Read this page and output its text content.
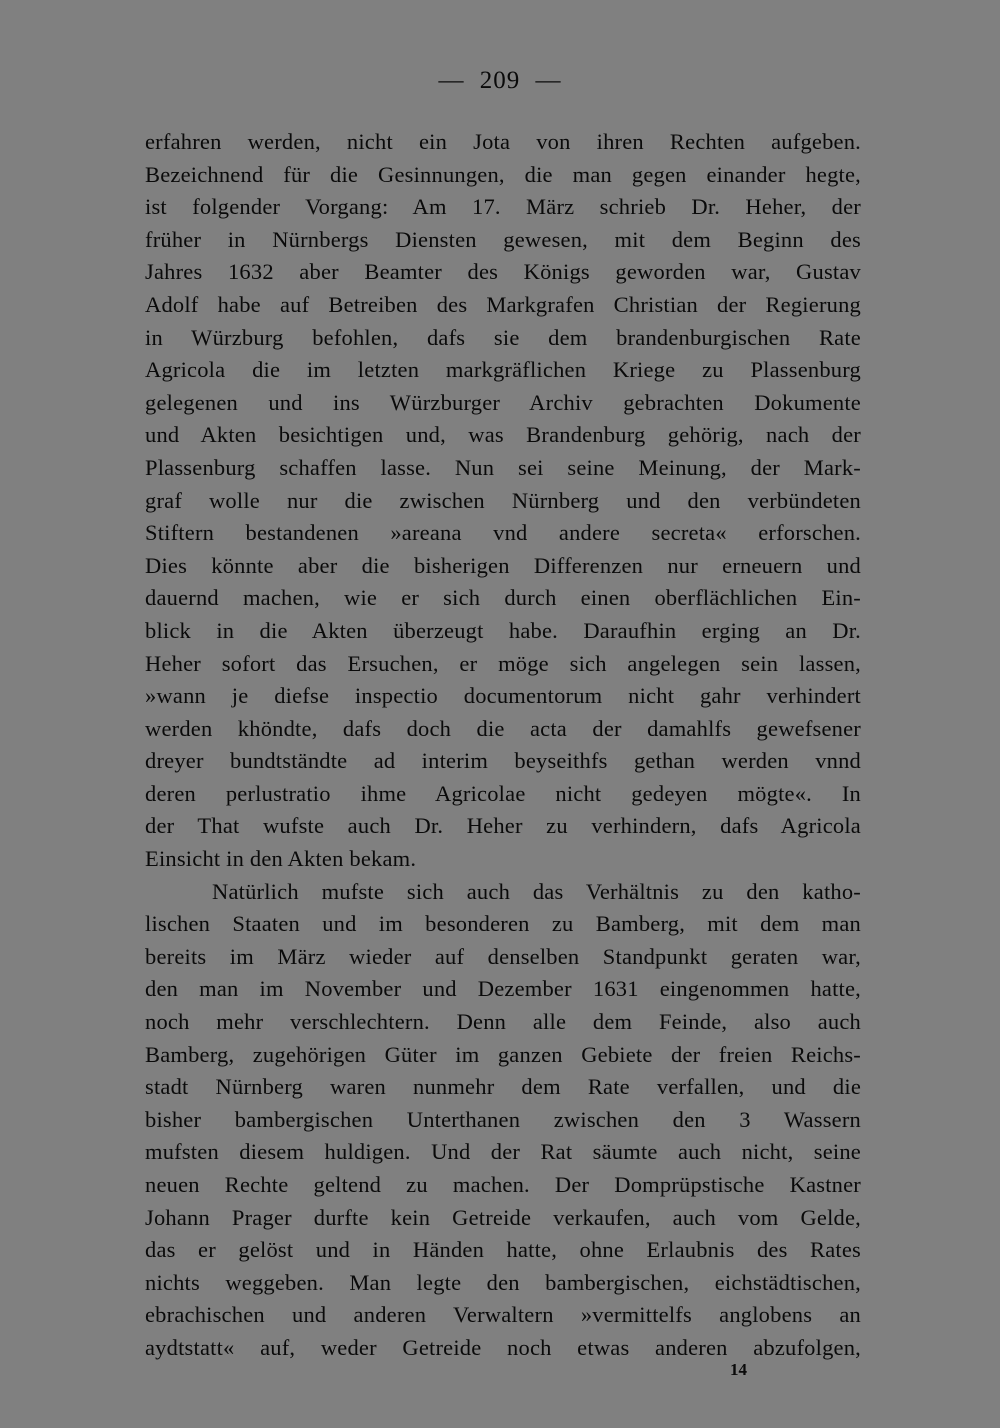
— 209 —
erfahren werden, nicht ein Jota von ihren Rechten aufgeben.
Bezeichnend für die Gesinnungen, die man gegen einander hegte,
ist folgender Vorgang: Am 17. März schrieb Dr. Heher, der
früher in Nürnbergs Diensten gewesen, mit dem Beginn des
Jahres 1632 aber Beamter des Königs geworden war, Gustav
Adolf habe auf Betreiben des Markgrafen Christian der Regierung
in Würzburg befohlen, dafs sie dem brandenburgischen Rate
Agricola die im letzten markgräflichen Kriege zu Plassenburg
gelegenen und ins Würzburger Archiv gebrachten Dokumente
und Akten besichtigen und, was Brandenburg gehörig, nach der
Plassenburg schaffen lasse. Nun sei seine Meinung, der Mark-
graf wolle nur die zwischen Nürnberg und den verbündeten
Stiftern bestandenen »areana vnd andere secreta« erforschen.
Dies könnte aber die bisherigen Differenzen nur erneuern und
dauernd machen, wie er sich durch einen oberflächlichen Ein-
blick in die Akten überzeugt habe. Daraufhin erging an Dr.
Heher sofort das Ersuchen, er möge sich angelegen sein lassen,
»wann je diefse inspectio documentorum nicht gahr verhindert
werden khöndte, dafs doch die acta der damahlfs gewefsener
dreyer bundtständte ad interim beyseithfs gethan werden vnnd
deren perlustratio ihme Agricolae nicht gedeyen mögte«. In
der That wufste auch Dr. Heher zu verhindern, dafs Agricola
Einsicht in den Akten bekam.
Natürlich mufste sich auch das Verhältnis zu den katho-
lischen Staaten und im besonderen zu Bamberg, mit dem man
bereits im März wieder auf denselben Standpunkt geraten war,
den man im November und Dezember 1631 eingenommen hatte,
noch mehr verschlechtern. Denn alle dem Feinde, also auch
Bamberg, zugehörigen Güter im ganzen Gebiete der freien Reichs-
stadt Nürnberg waren nunmehr dem Rate verfallen, und die
bisher bambergischen Unterthanen zwischen den 3 Wassern
mufsten diesem huldigen. Und der Rat säumte auch nicht, seine
neuen Rechte geltend zu machen. Der Domprüpstische Kastner
Johann Prager durfte kein Getreide verkaufen, auch vom Gelde,
das er gelöst und in Händen hatte, ohne Erlaubnis des Rates
nichts weggeben. Man legte den bambergischen, eichstädtischen,
ebrachischen und anderen Verwaltern »vermittelfs anglobens an
aydtstatt« auf, weder Getreide noch etwas anderen abzufolgen,
14
